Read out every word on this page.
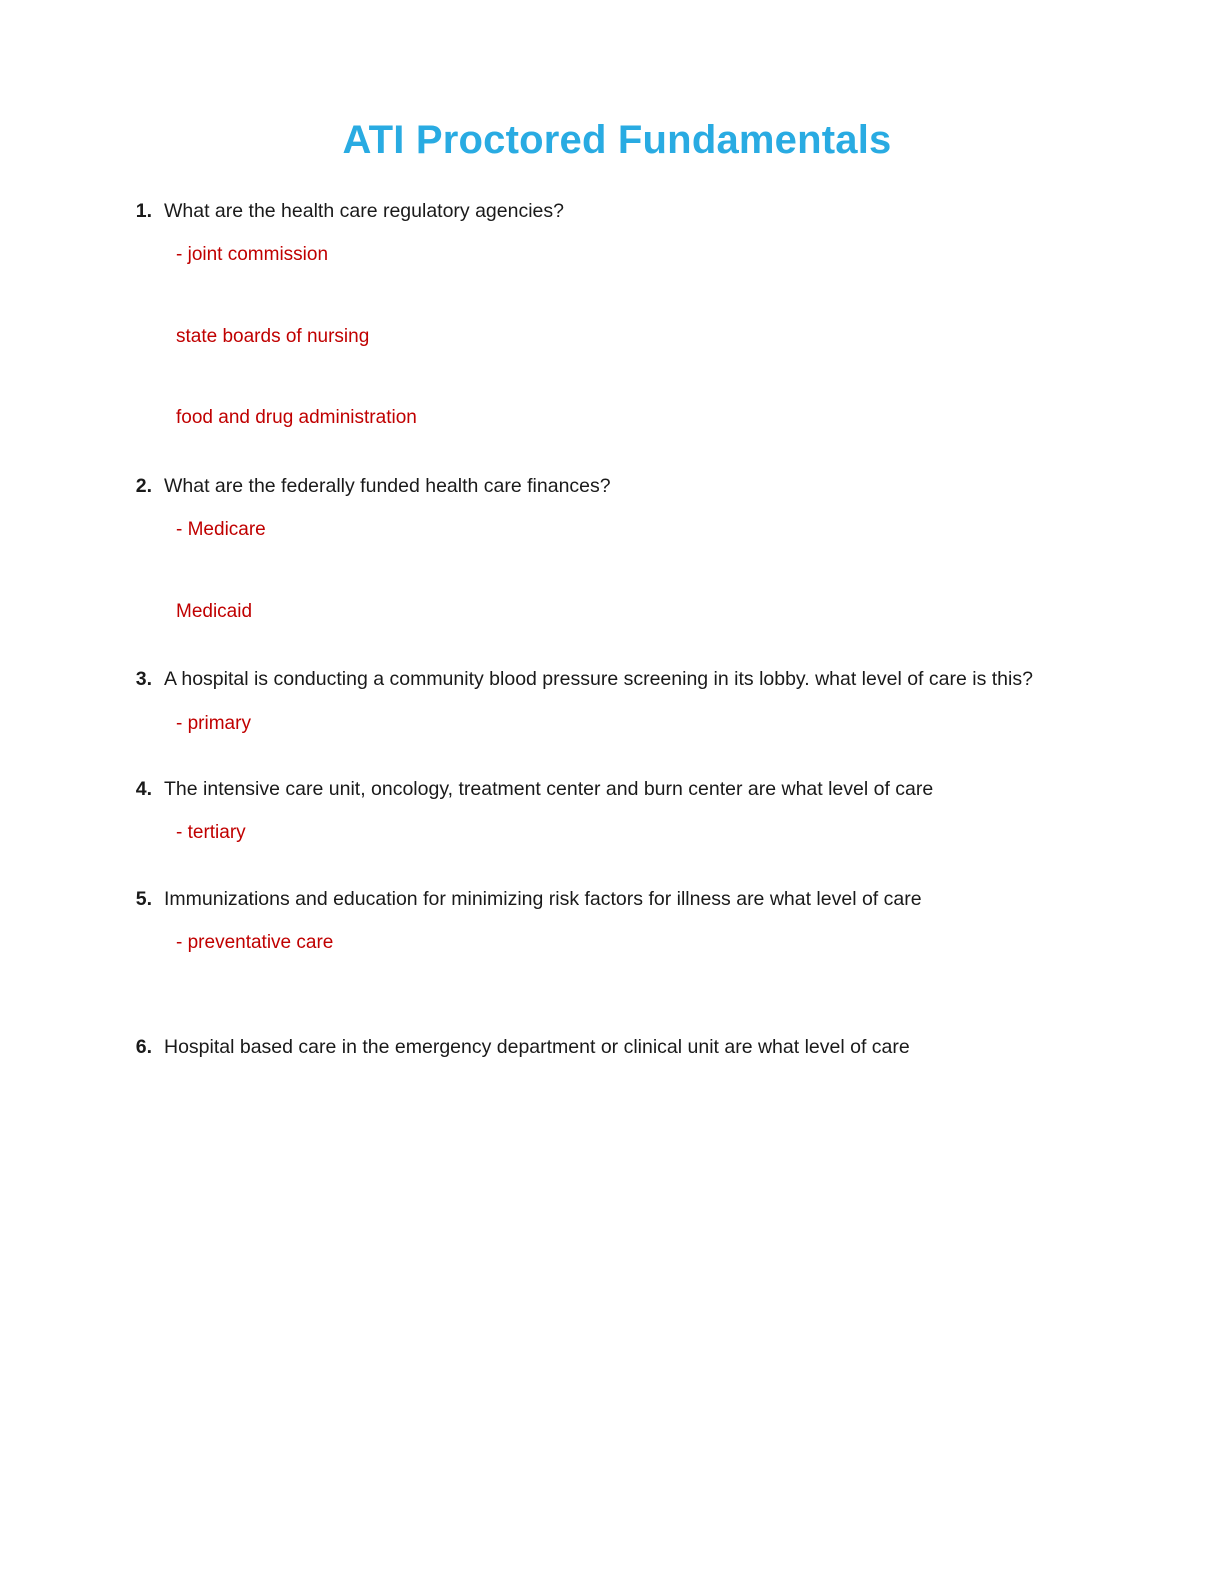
ATI Proctored Fundamentals
1. What are the health care regulatory agencies?
- joint commission
state boards of nursing
food and drug administration
2. What are the federally funded health care finances?
- Medicare
Medicaid
3. A hospital is conducting a community blood pressure screening in its lobby. what level of care is this?
- primary
4. The intensive care unit, oncology, treatment center and burn center are what level of care
- tertiary
5. Immunizations and education for minimizing risk factors for illness are what level of care
- preventative care
6. Hospital based care in the emergency department or clinical unit are what level of care
